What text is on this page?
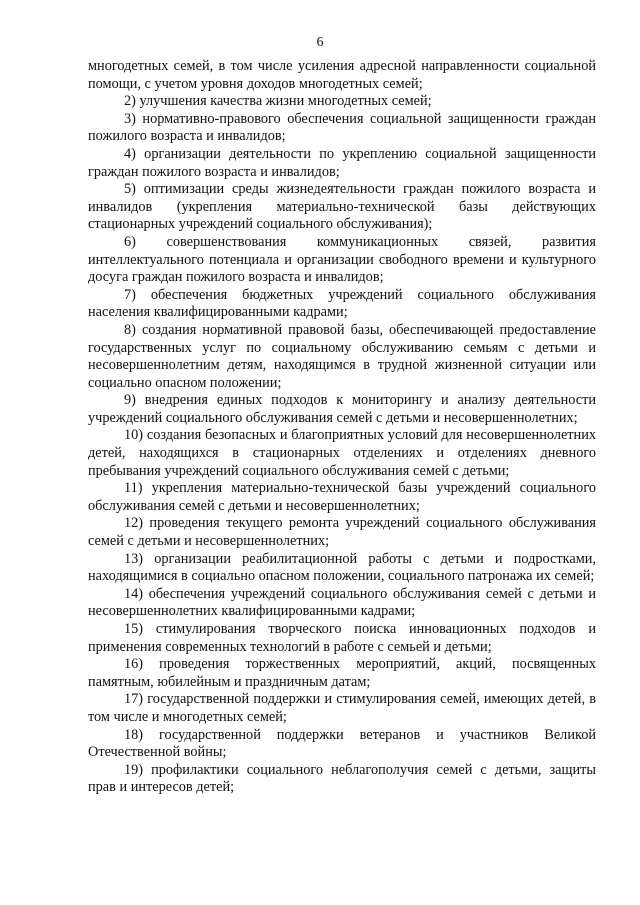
6

многодетных семей, в том числе усиления адресной направленности социальной помощи, с учетом уровня доходов многодетных семей;

2) улучшения качества жизни многодетных семей;

3) нормативно-правового обеспечения социальной защищенности граждан пожилого возраста и инвалидов;

4) организации деятельности по укреплению социальной защищенности граждан пожилого возраста и инвалидов;

5) оптимизации среды жизнедеятельности граждан пожилого возраста и инвалидов (укрепления материально-технической базы действующих стационарных учреждений социального обслуживания);

6) совершенствования коммуникационных связей, развития интеллектуального потенциала и организации свободного времени и культурного досуга граждан пожилого возраста и инвалидов;

7) обеспечения бюджетных учреждений социального обслуживания населения квалифицированными кадрами;

8) создания нормативной правовой базы, обеспечивающей предоставление государственных услуг по социальному обслуживанию семьям с детьми и несовершеннолетним детям, находящимся в трудной жизненной ситуации или социально опасном положении;

9) внедрения единых подходов к мониторингу и анализу деятельности учреждений социального обслуживания семей с детьми и несовершеннолетних;

10) создания безопасных и благоприятных условий для несовершеннолетних детей, находящихся в стационарных отделениях и отделениях дневного пребывания учреждений социального обслуживания семей с детьми;

11) укрепления материально-технической базы учреждений социального обслуживания семей с детьми и несовершеннолетних;

12) проведения текущего ремонта учреждений социального обслуживания семей с детьми и несовершеннолетних;

13) организации реабилитационной работы с детьми и подростками, находящимися в социально опасном положении, социального патронажа их семей;

14) обеспечения учреждений социального обслуживания семей с детьми и несовершеннолетних квалифицированными кадрами;

15) стимулирования творческого поиска инновационных подходов и применения современных технологий в работе с семьей и детьми;

16) проведения торжественных мероприятий, акций, посвященных памятным, юбилейным и праздничным датам;

17) государственной поддержки и стимулирования семей, имеющих детей, в том числе и многодетных семей;

18) государственной поддержки ветеранов и участников Великой Отечественной войны;

19) профилактики социального неблагополучия семей с детьми, защиты прав и интересов детей;
